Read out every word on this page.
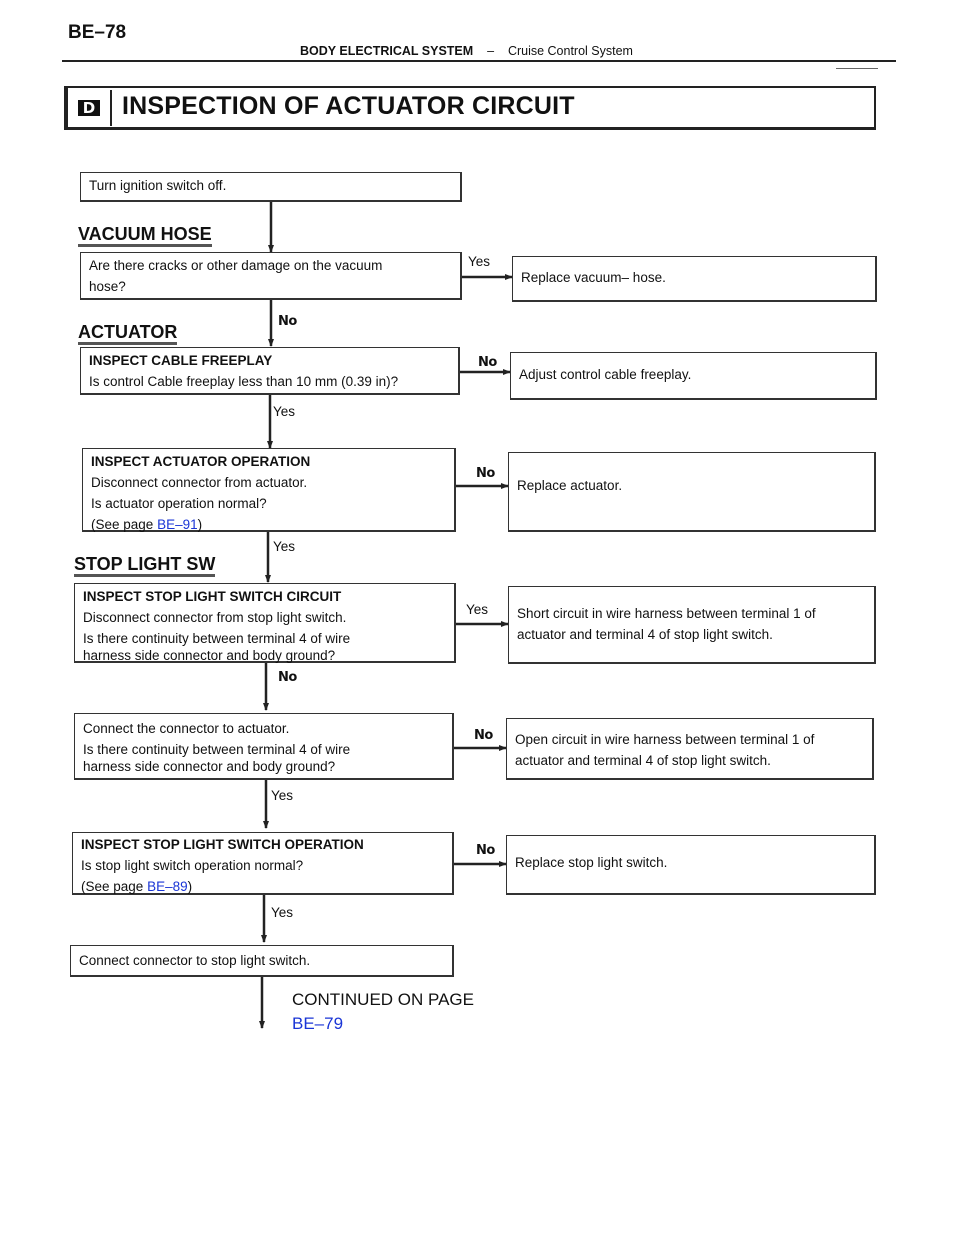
BE–78
BODY ELECTRICAL SYSTEM – Cruise Control System
D INSPECTION OF ACTUATOR CIRCUIT
Turn ignition switch off.
VACUUM HOSE
Are there cracks or other damage on the vacuum
hose?
Yes
Replace vacuum– hose.
No
ACTUATOR
INSPECT CABLE FREEPLAY
Is control Cable freeplay less than 10 mm (0.39 in)?
No
Adjust control cable freeplay.
Yes
INSPECT ACTUATOR OPERATION
Disconnect connector from actuator.
Is actuator operation normal?
(See page BE–91)
No
Replace actuator.
Yes
STOP LIGHT SW
INSPECT STOP LIGHT SWITCH CIRCUIT
Disconnect connector from stop light switch.
Is there continuity between terminal 4 of wire
harness side connector and body ground?
Yes Short circuit in wire harness between terminal 1 of
actuator and terminal 4 of stop light switch.
No
Connect the connector to actuator.
Is there continuity between terminal 4 of wire
harness side connector and body ground?
No Open circuit in wire harness between terminal 1 of
actuator and terminal 4 of stop light switch.
Yes
INSPECT STOP LIGHT SWITCH OPERATION
Is stop light switch operation normal?
(See page BE–89)
No
Replace stop light switch.
Yes
Connect connector to stop light switch.
CONTINUED ON PAGE
BE–79
